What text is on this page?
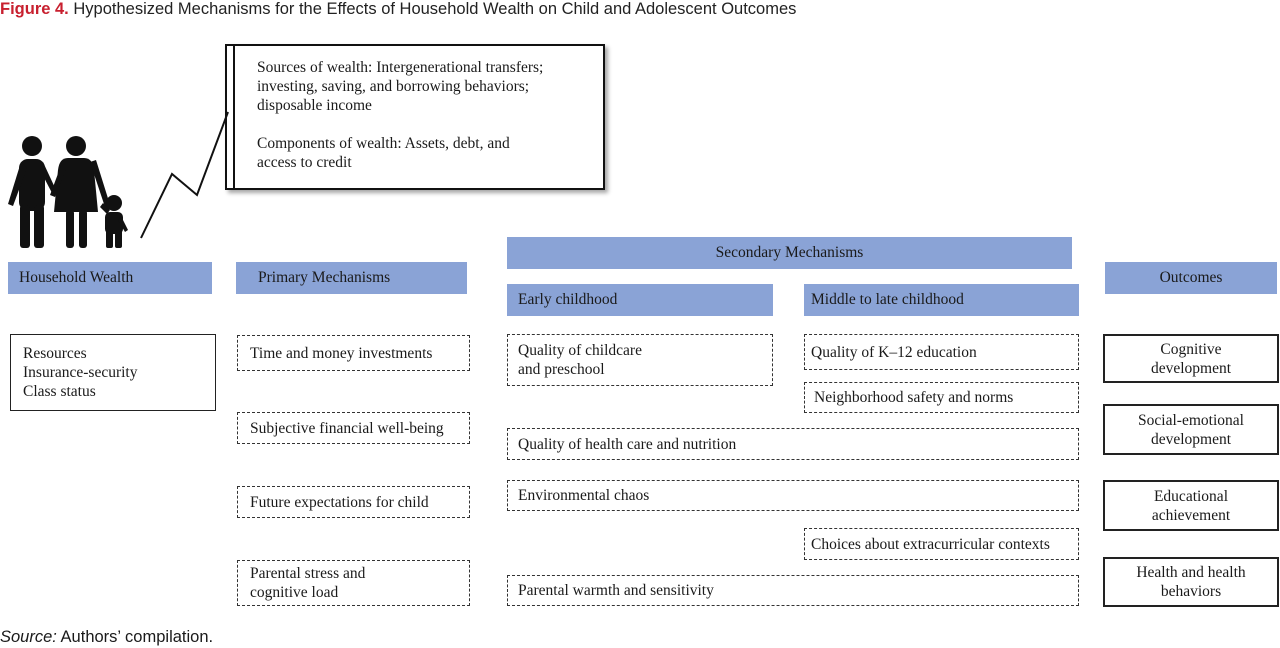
Figure 4. Hypothesized Mechanisms for the Effects of Household Wealth on Child and Adolescent Outcomes
Sources of wealth: Intergenerational transfers;
investing, saving, and borrowing behaviors;
disposable income
Components of wealth: Assets, debt, and
access to credit
Household Wealth	Primary Mechanisms
Secondary Mechanisms
Early childhood	Middle to late childhood
Outcomes
Resources
Insurance-security
Class status
Time and money investments
Subjective financial well-being
Future expectations for child
Parental stress and
cognitive load
Quality of childcare
and preschool
Quality of K–12 education
Neighborhood safety and norms
Quality of health care and nutrition
Environmental chaos
Choices about extracurricular contexts
Parental warmth and sensitivity
Cognitive
development
Social-emotional
development
Educational
achievement
Health and health
behaviors
Source: Authors’ compilation.
